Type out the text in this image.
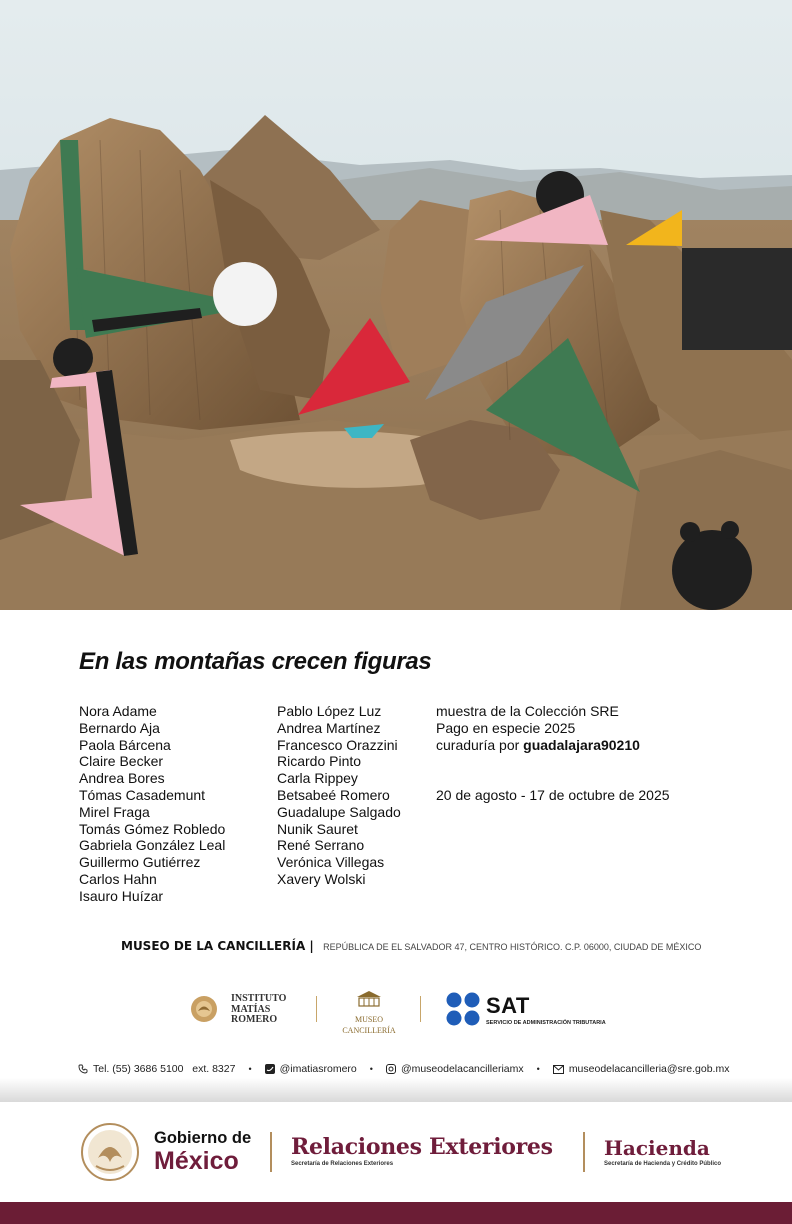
En las montañas crecen figuras
Nora Adame
Bernardo Aja
Paola Bárcena
Claire Becker
Andrea Bores
Tómas Casademunt
Mirel Fraga
Tomás Gómez Robledo
Gabriela González Leal
Guillermo Gutiérrez
Carlos Hahn
Isauro Huízar
Pablo López Luz
Andrea Martínez
Francesco Orazzini
Ricardo Pinto
Carla Rippey
Betsabeé Romero
Guadalupe Salgado
Nunik Sauret
René Serrano
Verónica Villegas
Xavery Wolski
muestra de la Colección SRE
Pago en especie 2025
curaduría por guadalajara90210
20 de agosto - 17 de octubre de 2025
MUSEO DE LA CANCILLERÍA | REPÚBLICA DE EL SALVADOR 47, CENTRO HISTÓRICO. C.P. 06000, CIUDAD DE MÉXICO
INSTITUTO
MATÍAS
ROMERO	MUSEO
CANCILLERÍA
SAT
SERVICIO DE ADMINISTRACIÓN TRIBUTARIA
Tel. (55) 3686 5100   ext. 8327 •	@imatiasromero •	@museodelacancilleriamx •	museodelacancilleria@sre.gob.mx
Gobierno de
México	Relaciones Exteriores
Secretaría de Relaciones Exteriores
Hacienda
Secretaría de Hacienda y Crédito Público
